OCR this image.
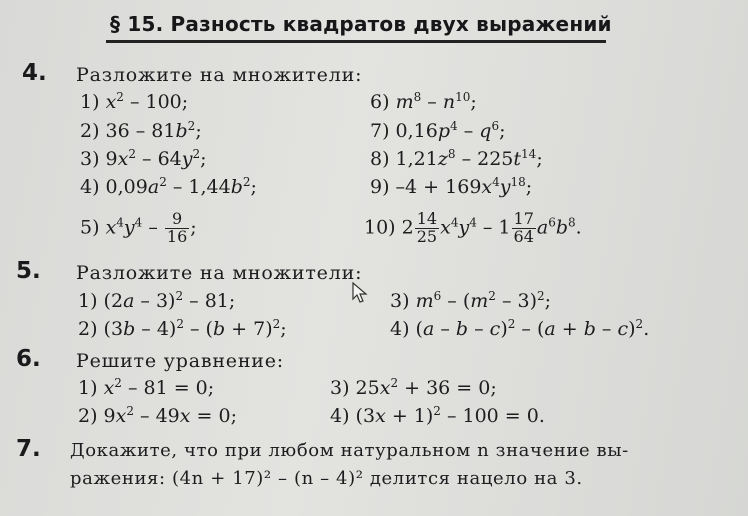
§ 15. Разность квадратов двух выражений
4. Разложите на множители:
1) $x^2 - 100$;
2) $36 - 81b^2$;
3) $9x^2 - 64y^2$;
4) $0,09a^2 - 1,44b^2$;
5) $x^4y^4 - \frac{9}{16}$ ;
6) $m^8 - n^{10}$;
7) $0,16p^4 - q^6$;
8) $1,21z^8 - 225t^{14}$;
9) $-4 + 169x^4y^{18}$;
10) $2 \frac{14}{25} x^4y^4 - 1 \frac{17}{64} a^6b^8$.
5. Разложите на множители:
1) (2a – 3)$^2$ – 81;
2) $(3b - 4)^2 - (b + 7)^2$;
3) $m^6 - (m^2 - 3)^2$;
4) $(a - b - c)^2 - (a + b - c)^2$.
6. Решите уравнение:
1) $x^2 - 81 = 0$;
2) $9x^2 - 49x = 0$;
3) $25x^2 + 36 = 0$;
4) $(3x + 1)^2 - 100 = 0$.
7. Докажите, что при любом натуральном n значение вы-
ражения: (4n + 17)² – (n – 4)² делится нацело на 3.
